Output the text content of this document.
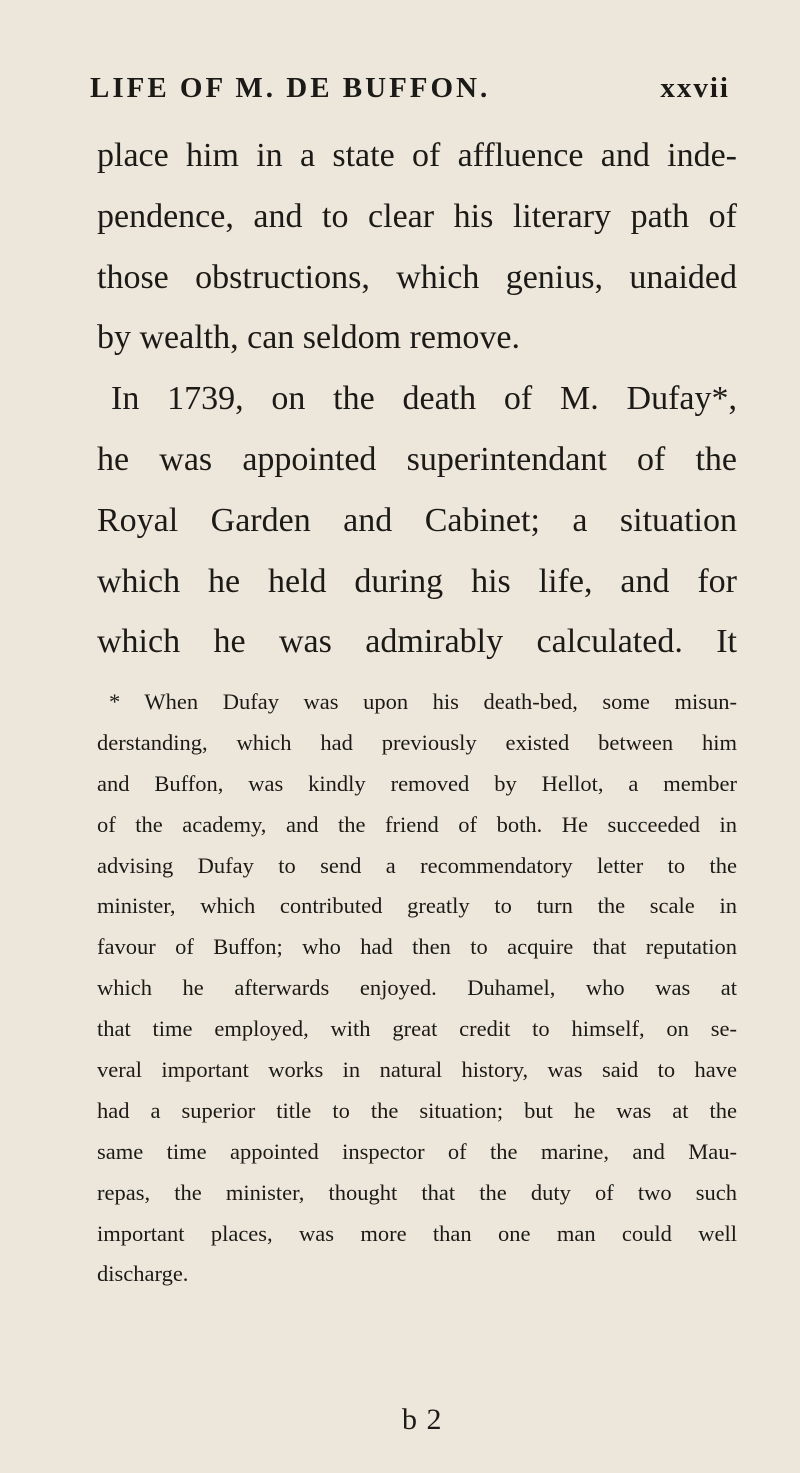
LIFE OF M. DE BUFFON.	xxvii
place him in a state of affluence and inde-
pendence, and to clear his literary path of
those obstructions, which genius, unaided
by wealth, can seldom remove.
In 1739, on the death of M. Dufay*,
he was appointed superintendant of the
Royal Garden and Cabinet; a situation
which he held during his life, and for
which he was admirably calculated. It
* When Dufay was upon his death-bed, some misun-
derstanding, which had previously existed between him
and Buffon, was kindly removed by Hellot, a member
of the academy, and the friend of both. He succeeded in
advising Dufay to send a recommendatory letter to the
minister, which contributed greatly to turn the scale in
favour of Buffon; who had then to acquire that reputation
which he afterwards enjoyed. Duhamel, who was at
that time employed, with great credit to himself, on se-
veral important works in natural history, was said to have
had a superior title to the situation; but he was at the
same time appointed inspector of the marine, and Mau-
repas, the minister, thought that the duty of two such
important places, was more than one man could well
discharge.
b 2
